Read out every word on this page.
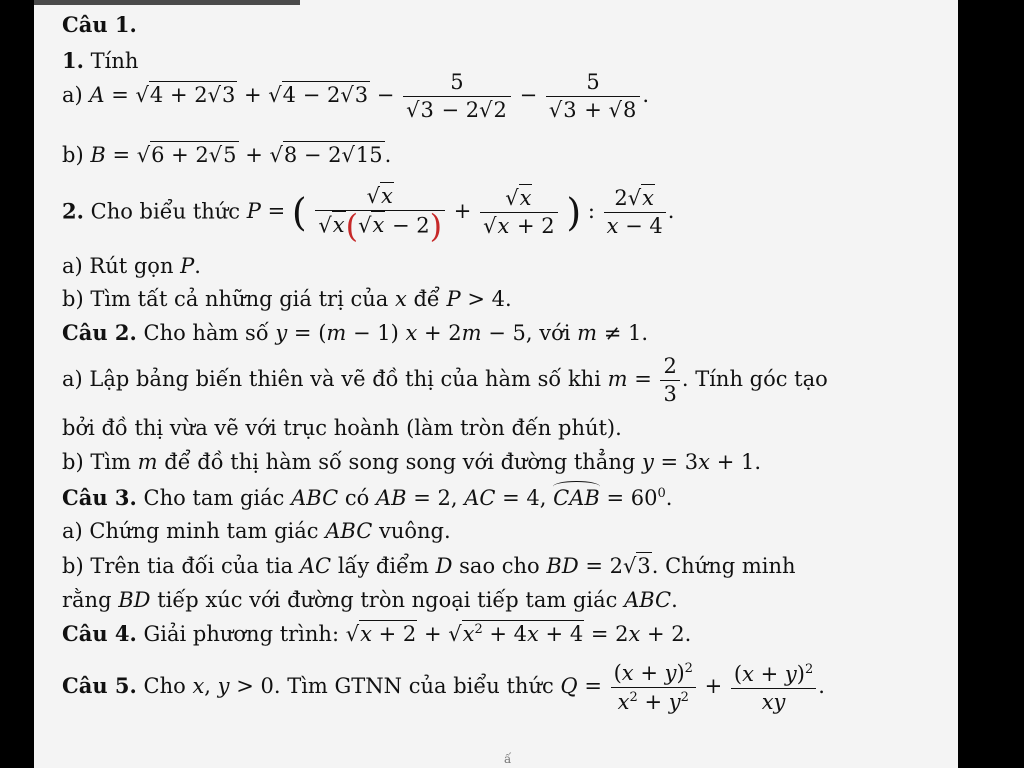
Câu 1.
1. Tính
a) $A = √4 + 2√3 + √4 - 2√3 - \frac{5}{√3 - 2√2} - \frac{5}{√3 + √8}$ .
b) B = √6 + 2√5 + √8 − 2√15.
2. Cho biểu thức P = ( $\frac{√x}{√x(√x - 2)} + \frac{√x}{√x + 2}$ ) : $\frac{2√x}{x - 4}$ .
a) Rút gọn P.
b) Tìm tất cả những giá trị của x để P > 4.
Câu 2. Cho hàm số y = (m − 1) x + 2m − 5, với m ≠ 1.
a) Lập bảng biến thiên và vẽ đồ thị của hàm số khi $m = \frac{2}{3}$ . Tính góc tạo
bởi đồ thị vừa vẽ với trục hoành (làm tròn đến phút).
b) Tìm m để đồ thị hàm số song song với đường thẳng y = 3x + 1.
Câu 3. Cho tam giác ABC có AB = 2, AC = 4, CAB = $60^0$.
a) Chứng minh tam giác ABC vuông.
b) Trên tia đối của tia AC lấy điểm D sao cho BD = 2√3. Chứng minh
rằng BD tiếp xúc với đường tròn ngoại tiếp tam giác ABC.
Câu 4. Giải phương trình: $√x + 2 + √x^2 + 4x + 4 = 2x + 2$.
Câu 5. Cho x, y > 0. Tìm GTNN của biểu thức $Q = \frac{(x + y)^2}{x^2 + y^2} + \frac{(x + y)^2}{xy}$ .
ấ
